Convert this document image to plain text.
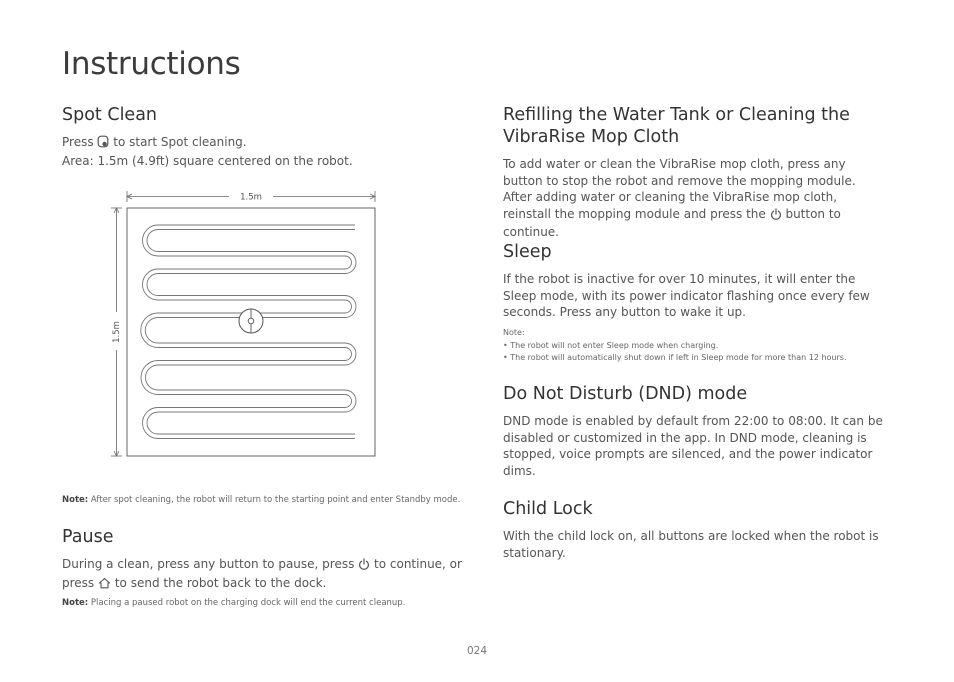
Instructions
Spot Clean

Press to start Spot cleaning.
Area: 1.5m (4.9ft) square centered on the robot.

1.5m
1.5m

Note: After spot cleaning, the robot will return to the starting point and enter Standby mode.

Pause

During a clean, press any button to pause, press to continue, or press to send the robot back to the dock.

Note: Placing a paused robot on the charging dock will end the current cleanup.

Refilling the Water Tank or Cleaning the VibraRise Mop Cloth

To add water or clean the VibraRise mop cloth, press any button to stop the robot and remove the mopping module. After adding water or cleaning the VibraRise mop cloth, reinstall the mopping module and press the button to continue.

Sleep

If the robot is inactive for over 10 minutes, it will enter the Sleep mode, with its power indicator flashing once every few seconds. Press any button to wake it up.

Note:
• The robot will not enter Sleep mode when charging.
• The robot will automatically shut down if left in Sleep mode for more than 12 hours.

Do Not Disturb (DND) mode

DND mode is enabled by default from 22:00 to 08:00. It can be disabled or customized in the app. In DND mode, cleaning is stopped, voice prompts are silenced, and the power indicator dims.

Child Lock

With the child lock on, all buttons are locked when the robot is stationary.

024
